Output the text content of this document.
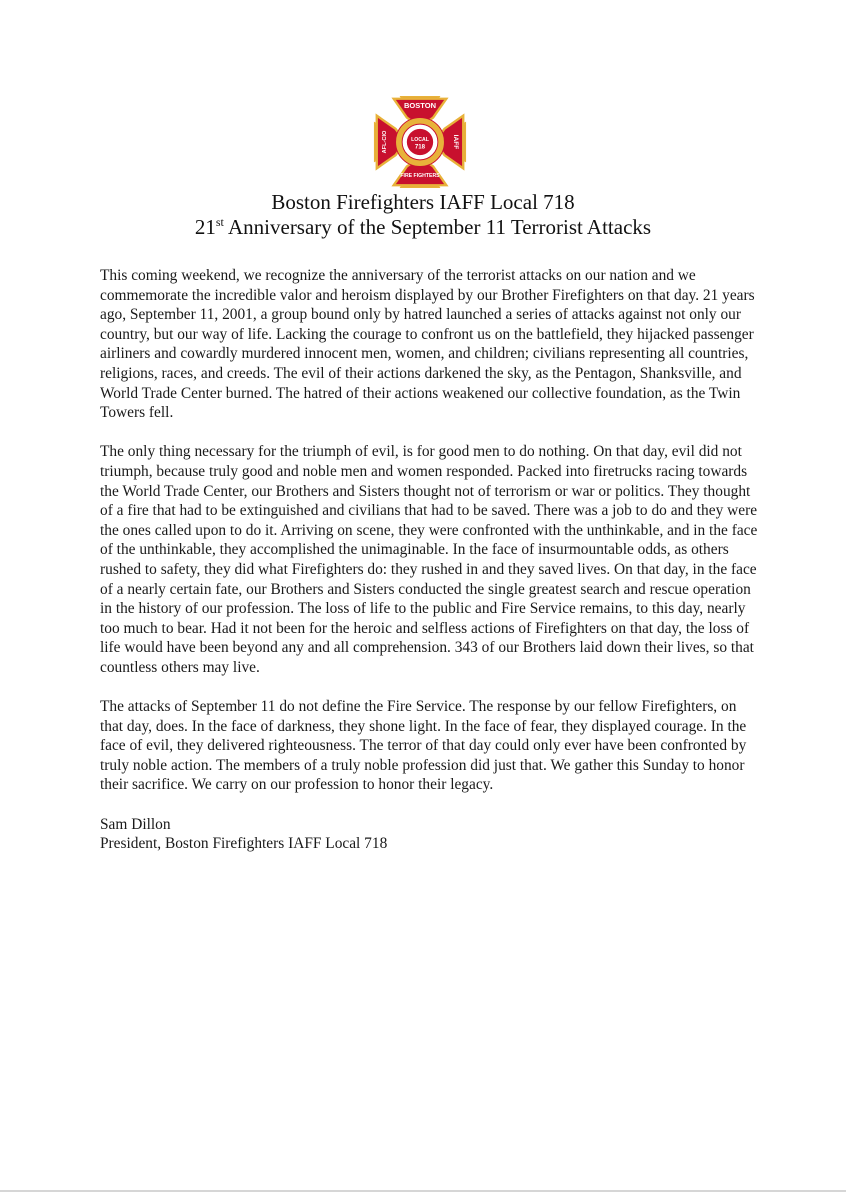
BOSTON
FIRE FIGHTERS
AFL-CIO	IAFF
LOCAL
718
Boston Firefighters IAFF Local 718
21st Anniversary of the September 11 Terrorist Attacks

This coming weekend, we recognize the anniversary of the terrorist attacks on our nation and we commemorate the incredible valor and heroism displayed by our Brother Firefighters on that day. 21 years ago, September 11, 2001, a group bound only by hatred launched a series of attacks against not only our country, but our way of life. Lacking the courage to confront us on the battlefield, they hijacked passenger airliners and cowardly murdered innocent men, women, and children; civilians representing all countries, religions, races, and creeds. The evil of their actions darkened the sky, as the Pentagon, Shanksville, and World Trade Center burned. The hatred of their actions weakened our collective foundation, as the Twin Towers fell.

The only thing necessary for the triumph of evil, is for good men to do nothing. On that day, evil did not triumph, because truly good and noble men and women responded. Packed into firetrucks racing towards the World Trade Center, our Brothers and Sisters thought not of terrorism or war or politics. They thought of a fire that had to be extinguished and civilians that had to be saved. There was a job to do and they were the ones called upon to do it. Arriving on scene, they were confronted with the unthinkable, and in the face of the unthinkable, they accomplished the unimaginable. In the face of insurmountable odds, as others rushed to safety, they did what Firefighters do: they rushed in and they saved lives. On that day, in the face of a nearly certain fate, our Brothers and Sisters conducted the single greatest search and rescue operation in the history of our profession. The loss of life to the public and Fire Service remains, to this day, nearly too much to bear. Had it not been for the heroic and selfless actions of Firefighters on that day, the loss of life would have been beyond any and all comprehension. 343 of our Brothers laid down their lives, so that countless others may live.

The attacks of September 11 do not define the Fire Service. The response by our fellow Firefighters, on that day, does. In the face of darkness, they shone light. In the face of fear, they displayed courage. In the face of evil, they delivered righteousness. The terror of that day could only ever have been confronted by truly noble action. The members of a truly noble profession did just that. We gather this Sunday to honor their sacrifice. We carry on our profession to honor their legacy.

Sam Dillon

President, Boston Firefighters IAFF Local 718
